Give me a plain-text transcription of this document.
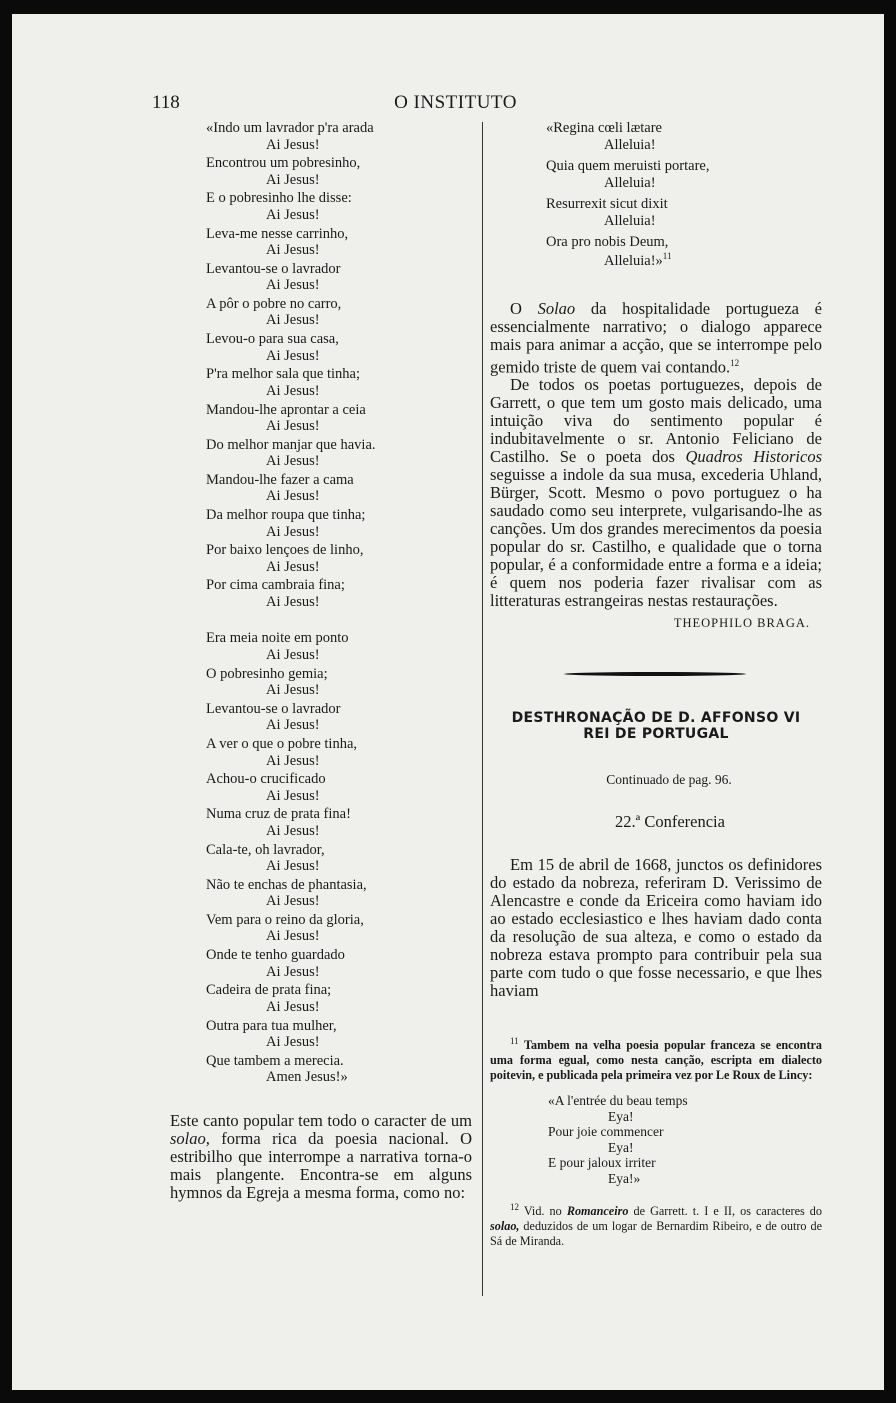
118	O INSTITUTO
«Indo um lavrador p'ra arada
Ai Jesus!
Encontrou um pobresinho,
Ai Jesus!
E o pobresinho lhe disse:
Ai Jesus!
Leva-me nesse carrinho,
Ai Jesus!
Levantou-se o lavrador
Ai Jesus!
A pôr o pobre no carro,
Ai Jesus!
Levou-o para sua casa,
Ai Jesus!
P'ra melhor sala que tinha;
Ai Jesus!
Mandou-lhe aprontar a ceia
Ai Jesus!
Do melhor manjar que havia.
Ai Jesus!
Mandou-lhe fazer a cama
Ai Jesus!
Da melhor roupa que tinha;
Ai Jesus!
Por baixo lençoes de linho,
Ai Jesus!
Por cima cambraia fina;
Ai Jesus!
Era meia noite em ponto
Ai Jesus!
O pobresinho gemia;
Ai Jesus!
Levantou-se o lavrador
Ai Jesus!
A ver o que o pobre tinha,
Ai Jesus!
Achou-o crucificado
Ai Jesus!
Numa cruz de prata fina!
Ai Jesus!
Cala-te, oh lavrador,
Ai Jesus!
Não te enchas de phantasia,
Ai Jesus!
Vem para o reino da gloria,
Ai Jesus!
Onde te tenho guardado
Ai Jesus!
Cadeira de prata fina;
Ai Jesus!
Outra para tua mulher,
Ai Jesus!
Que tambem a merecia.
Amen Jesus!»
Este canto popular tem todo o caracter de um solao, forma rica da poesia nacional. O estribilho que interrompe a narrativa torna-o mais plangente. Encontra-se em alguns hymnos da Egreja a mesma forma, como no:
«Regina cœli lætare
Alleluia!
Quia quem meruisti portare,
Alleluia!
Resurrexit sicut dixit
Alleluia!
Ora pro nobis Deum,
Alleluia!»$^{11}$

O Solao da hospitalidade portugueza é essencialmente narrativo; o dialogo apparece mais para animar a acção, que se interrompe pelo gemido triste de quem vai contando.$^{12}$

De todos os poetas portuguezes, depois de Garrett, o que tem um gosto mais delicado, uma intuição viva do sentimento popular é indubitavelmente o sr. Antonio Feliciano de Castilho. Se o poeta dos Quadros Historicos seguisse a indole da sua musa, excederia Uhland, Bürger, Scott. Mesmo o povo portuguez o ha saudado como seu interprete, vulgarisando-lhe as canções. Um dos grandes merecimentos da poesia popular do sr. Castilho, e qualidade que o torna popular, é a conformidade entre a forma e a ideia; é quem nos poderia fazer rivalisar com as litteraturas estrangeiras nestas restaurações.

THEOPHILO BRAGA.
DESTHRONAÇÃO DE D. AFFONSO VI
REI DE PORTUGAL
Continuado de pag. 96.
22.ª Conferencia

Em 15 de abril de 1668, junctos os definidores do estado da nobreza, referiram D. Verissimo de Alencastre e conde da Ericeira como haviam ido ao estado ecclesiastico e lhes haviam dado conta da resolução de sua alteza, e como o estado da nobreza estava prompto para contribuir pela sua parte com tudo o que fosse necessario, e que lhes haviam

$^{11}$ Tambem na velha poesia popular franceza se encontra uma forma egual, como nesta canção, escripta em dialecto poitevin, e publicada pela primeira vez por Le Roux de Lincy:

«A l'entrée du beau temps
Eya!
Pour joie commencer
Eya!
E pour jaloux irriter
Eya!»

$^{12}$ Vid. no Romanceiro de Garrett. t. I e II, os caracteres do solao, deduzidos de um logar de Bernardim Ribeiro, e de outro de Sá de Miranda.
